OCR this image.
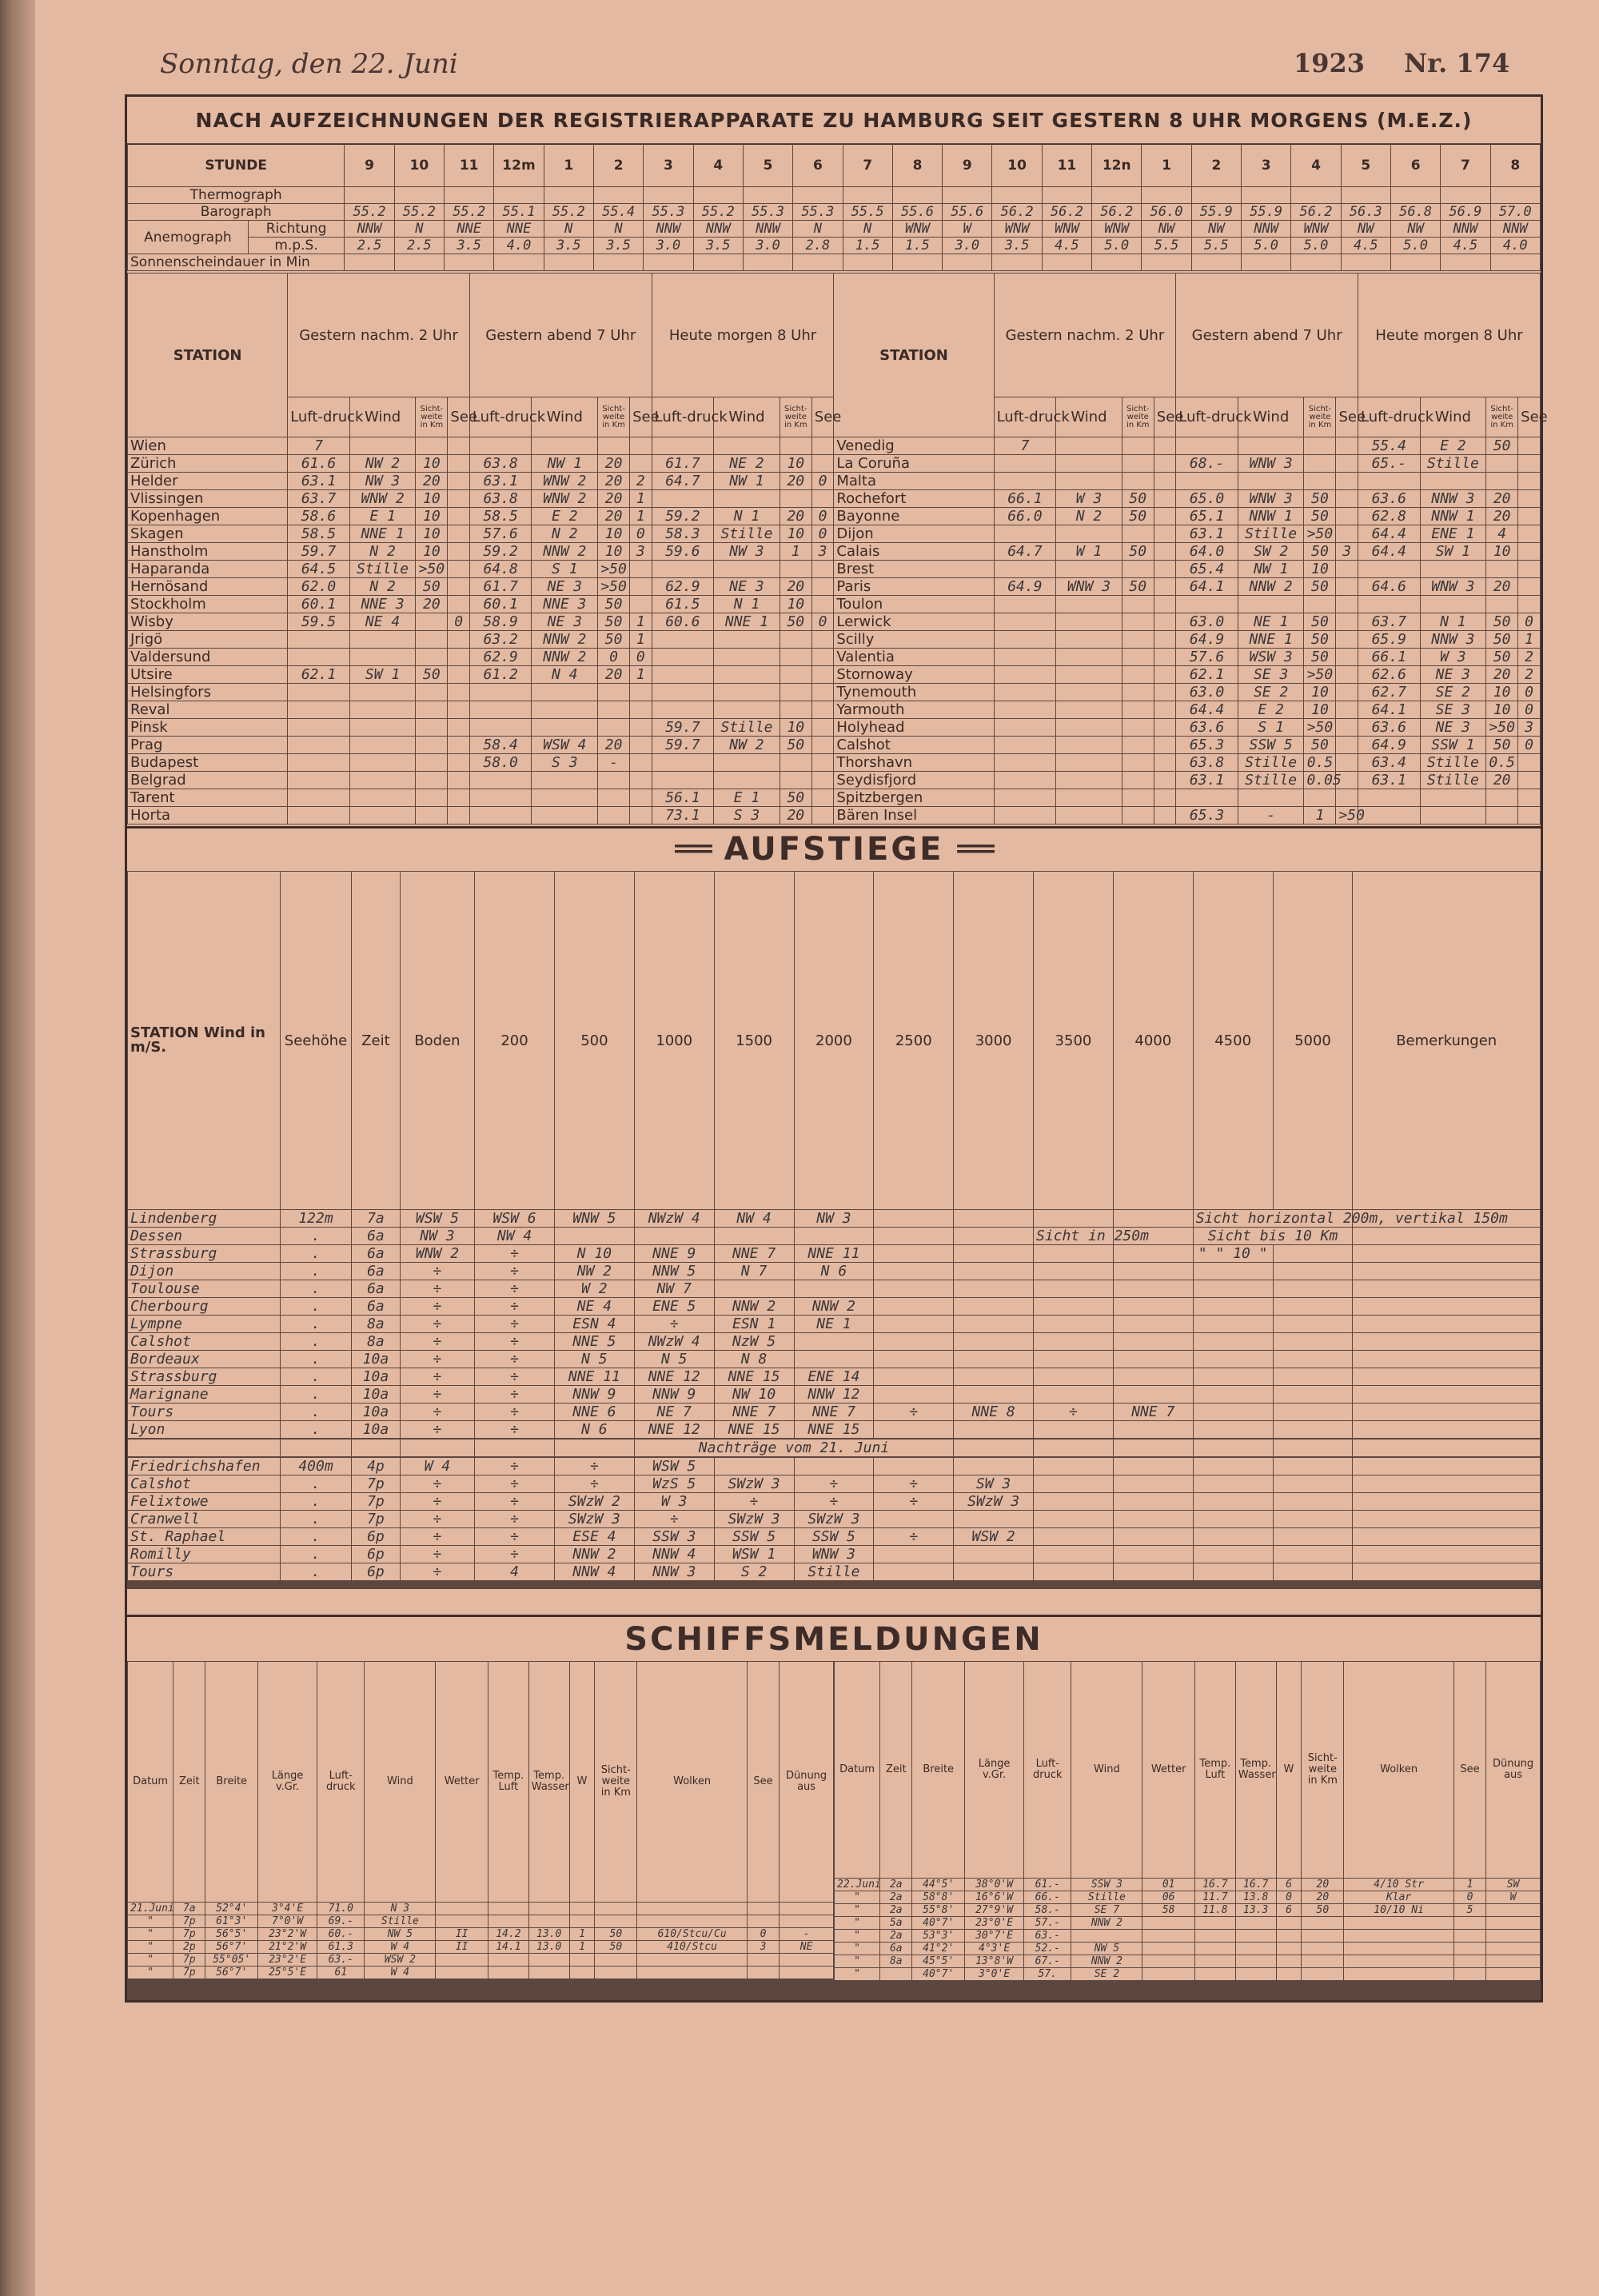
Sonntag, den 22. Juni	1923 Nr. 174
NACH AUFZEICHNUNGEN DER REGISTRIERAPPARATE ZU HAMBURG SEIT GESTERN 8 UHR MORGENS (M.E.Z.)
STUNDE		9	10	11	12m	1	2	3	4	5	6	7	8	9	10	11	12n	1	2	3	4	5	6	7	8
Thermograph																									
Barograph		55.2	55.2	55.2	55.1	55.2	55.4	55.3	55.2	55.3	55.3	55.5	55.6	55.6	56.2	56.2	56.2	56.0	55.9	55.9	56.2	56.3	56.8	56.9	57.0
Anemograph	Richtung	NNW	N	NNE	NNE	N	N	NNW	NNW	NNW	N	N	WNW	W	WNW	WNW	WNW	NW	NW	NNW	WNW	NW	NW	NNW	NNW
	m.p.S.	2.5	2.5	3.5	4.0	3.5	3.5	3.0	3.5	3.0	2.8	1.5	1.5	3.0	3.5	4.5	5.0	5.5	5.5	5.0	5.0	4.5	5.0	4.5	4.0
Sonnenscheindauer in Min																									
STATION	Gestern nachm. 2 Uhr				Gestern abend 7 Uhr				Heute morgen 8 Uhr				STATION	Gestern nachm. 2 Uhr				Gestern abend 7 Uhr				Heute morgen 8 Uhr			
	Luft-druck	Wind	Sicht-weite in Km	See	Luft-druck	Wind	Sicht-weite in Km	See	Luft-druck	Wind	Sicht-weite in Km	See		Luft-druck	Wind	Sicht-weite in Km	See	Luft-druck	Wind	Sicht-weite in Km	See	Luft-druck	Wind	Sicht-weite in Km	See
Wien	7												Venedig	7								55.4	E 2	50	
Zürich	61.6	NW 2	10		63.8	NW 1	20		61.7	NE 2	10		La Coruña					68.-	WNW 3			65.-	Stille		
Helder	63.1	NW 3	20		63.1	WNW 2	20	2	64.7	NW 1	20	0	Malta												
Vlissingen	63.7	WNW 2	10		63.8	WNW 2	20	1					Rochefort	66.1	W 3	50		65.0	WNW 3	50		63.6	NNW 3	20	
Kopenhagen	58.6	E 1	10		58.5	E 2	20	1	59.2	N 1	20	0	Bayonne	66.0	N 2	50		65.1	NNW 1	50		62.8	NNW 1	20	
Skagen	58.5	NNE 1	10		57.6	N 2	10	0	58.3	Stille	10	0	Dijon					63.1	Stille	>50		64.4	ENE 1	4	
Hanstholm	59.7	N 2	10		59.2	NNW 2	10	3	59.6	NW 3	1	3	Calais	64.7	W 1	50		64.0	SW 2	50	3	64.4	SW 1	10	
Haparanda	64.5	Stille	>50		64.8	S 1	>50						Brest					65.4	NW 1	10					
Hernösand	62.0	N 2	50		61.7	NE 3	>50		62.9	NE 3	20		Paris	64.9	WNW 3	50		64.1	NNW 2	50		64.6	WNW 3	20	
Stockholm	60.1	NNE 3	20		60.1	NNE 3	50		61.5	N 1	10		Toulon												
Wisby	59.5	NE 4		0	58.9	NE 3	50	1	60.6	NNE 1	50	0	Lerwick					63.0	NE 1	50		63.7	N 1	50	0
Jrigö					63.2	NNW 2	50	1					Scilly					64.9	NNE 1	50		65.9	NNW 3	50	1
Valdersund					62.9	NNW 2	0	0					Valentia					57.6	WSW 3	50		66.1	W 3	50	2
Utsire	62.1	SW 1	50		61.2	N 4	20	1					Stornoway					62.1	SE 3	>50		62.6	NE 3	20	2
Helsingfors													Tynemouth					63.0	SE 2	10		62.7	SE 2	10	0
Reval													Yarmouth					64.4	E 2	10		64.1	SE 3	10	0
Pinsk									59.7	Stille	10		Holyhead					63.6	S 1	>50		63.6	NE 3	>50	3
Prag					58.4	WSW 4	20		59.7	NW 2	50		Calshot					65.3	SSW 5	50		64.9	SSW 1	50	0
Budapest					58.0	S 3	-						Thorshavn					63.8	Stille	0.5		63.4	Stille	0.5	
Belgrad													Seydisfjord					63.1	Stille	0.05		63.1	Stille	20	
Tarent									56.1	E 1	50		Spitzbergen												
Horta									73.1	S 3	20		Bären Insel					65.3	-	1	>50				
══ AUFSTIEGE ══
STATION Wind in m/S.	Seehöhe	Zeit	Boden	200	500	1000	1500	2000	2500	3000	3500	4000	4500	5000	Bemerkungen
Lindenberg	122m	7a	WSW 5	WSW 6	WNW 5	NWzW 4	NW 4	NW 3					Sicht horizontal 200m, vertikal 150m		
Dessen	.	6a	NW 3	NW 4							Sicht in 250m		Sicht bis 10 Km		
Strassburg	.	6a	WNW 2	÷	N 10	NNE 9	NNE 7	NNE 11					" " 10 "		
Dijon	.	6a	÷	÷	NW 2	NNW 5	N 7	N 6							
Toulouse	.	6a	÷	÷	W 2	NW 7									
Cherbourg	.	6a	÷	÷	NE 4	ENE 5	NNW 2	NNW 2							
Lympne	.	8a	÷	÷	ESN 4	÷	ESN 1	NE 1							
Calshot	.	8a	÷	÷	NNE 5	NWzW 4	NzW 5								
Bordeaux	.	10a	÷	÷	N 5	N 5	N 8								
Strassburg	.	10a	÷	÷	NNE 11	NNE 12	NNE 15	ENE 14							
Marignane	.	10a	÷	÷	NNW 9	NNW 9	NW 10	NNW 12							
Tours	.	10a	÷	÷	NNE 6	NE 7	NNE 7	NNE 7	÷	NNE 8	÷	NNE 7			
Lyon	.	10a	÷	÷	N 6	NNE 12	NNE 15	NNE 15							

						Nachträge vom 21. Juni									

Friedrichshafen	400m	4p	W 4	÷	÷	WSW 5									
Calshot	.	7p	÷	÷	÷	WzS 5	SWzW 3	÷	÷	SW 3					
Felixtowe	.	7p	÷	÷	SWzW 2	W 3	÷	÷	÷	SWzW 3					
Cranwell	.	7p	÷	÷	SWzW 3	÷	SWzW 3	SWzW 3							
St. Raphael	.	6p	÷	÷	ESE 4	SSW 3	SSW 5	SSW 5	÷	WSW 2					
Romilly	.	6p	÷	÷	NNW 2	NNW 4	WSW 1	WNW 3							
Tours	.	6p	÷	4	NNW 4	NNW 3	S 2	Stille							

SCHIFFSMELDUNGEN
Datum	Zeit	Breite	Länge v.Gr.	Luft-druck	Wind	Wetter	Temp. Luft	Temp. Wasser	W	Sicht-weite in Km	Wolken	See	Dünung aus
21.Juni	7a	52°4'	3°4'E	71.0	N 3								
"	7p	61°3'	7°0'W	69.-	Stille								
"	7p	56°5'	23°2'W	60.-	NW 5	II	14.2	13.0	1	50	610/Stcu/Cu	0	-
"	2p	56°7'	21°2'W	61.3	W 4	II	14.1	13.0	1	50	410/Stcu	3	NE
"	7p	55°05'	23°2'E	63.-	WSW 2								
"	7p	56°7'	25°5'E	61	W 4								

Datum	Zeit	Breite	Länge v.Gr.	Luft-druck	Wind	Wetter	Temp. Luft	Temp. Wasser	W	Sicht-weite in Km	Wolken	See	Dünung aus
22.Juni	2a	44°5'	38°0'W	61.-	SSW 3	01	16.7	16.7	6	20	4/10 Str	1	SW
"	2a	58°8'	16°6'W	66.-	Stille	06	11.7	13.8	0	20	Klar	0	W
"	2a	55°8'	27°9'W	58.-	SE 7	58	11.8	13.3	6	50	10/10 Ni	5	
"	5a	40°7'	23°0'E	57.-	NNW 2								
"	2a	53°3'	30°7'E	63.-									
"	6a	41°2'	4°3'E	52.-	NW 5								
"	8a	45°5'	13°8'W	67.-	NNW 2								
"		40°7'	3°0'E	57.	SE 2								
